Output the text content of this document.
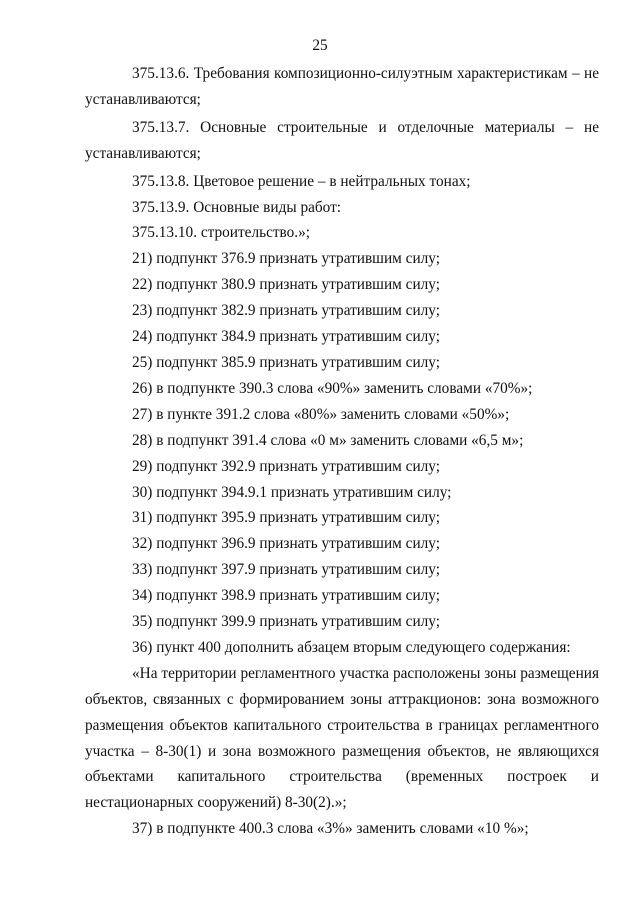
25

375.13.6. Требования композиционно-силуэтным характеристикам – не устанавливаются;

375.13.7. Основные строительные и отделочные материалы – не устанавливаются;

375.13.8. Цветовое решение – в нейтральных тонах;

375.13.9. Основные виды работ:

375.13.10. строительство.»;

21) подпункт 376.9 признать утратившим силу;

22) подпункт 380.9 признать утратившим силу;

23) подпункт 382.9 признать утратившим силу;

24) подпункт 384.9 признать утратившим силу;

25) подпункт 385.9 признать утратившим силу;

26) в подпункте 390.3 слова «90%» заменить словами «70%»;

27) в пункте 391.2 слова «80%» заменить словами «50%»;

28) в подпункт 391.4 слова «0 м» заменить словами «6,5 м»;

29) подпункт 392.9 признать утратившим силу;

30) подпункт 394.9.1 признать утратившим силу;

31) подпункт 395.9 признать утратившим силу;

32) подпункт 396.9 признать утратившим силу;

33) подпункт 397.9 признать утратившим силу;

34) подпункт 398.9 признать утратившим силу;

35) подпункт 399.9 признать утратившим силу;

36) пункт 400 дополнить абзацем вторым следующего содержания:

«На территории регламентного участка расположены зоны размещения объектов, связанных с формированием зоны аттракционов: зона возможного размещения объектов капитального строительства в границах регламентного участка – 8-30(1) и зона возможного размещения объектов, не являющихся

объектами капитального строительства (временных построек и

нестационарных сооружений) 8-30(2).»;

37) в подпункте 400.3 слова «3%» заменить словами «10 %»;
